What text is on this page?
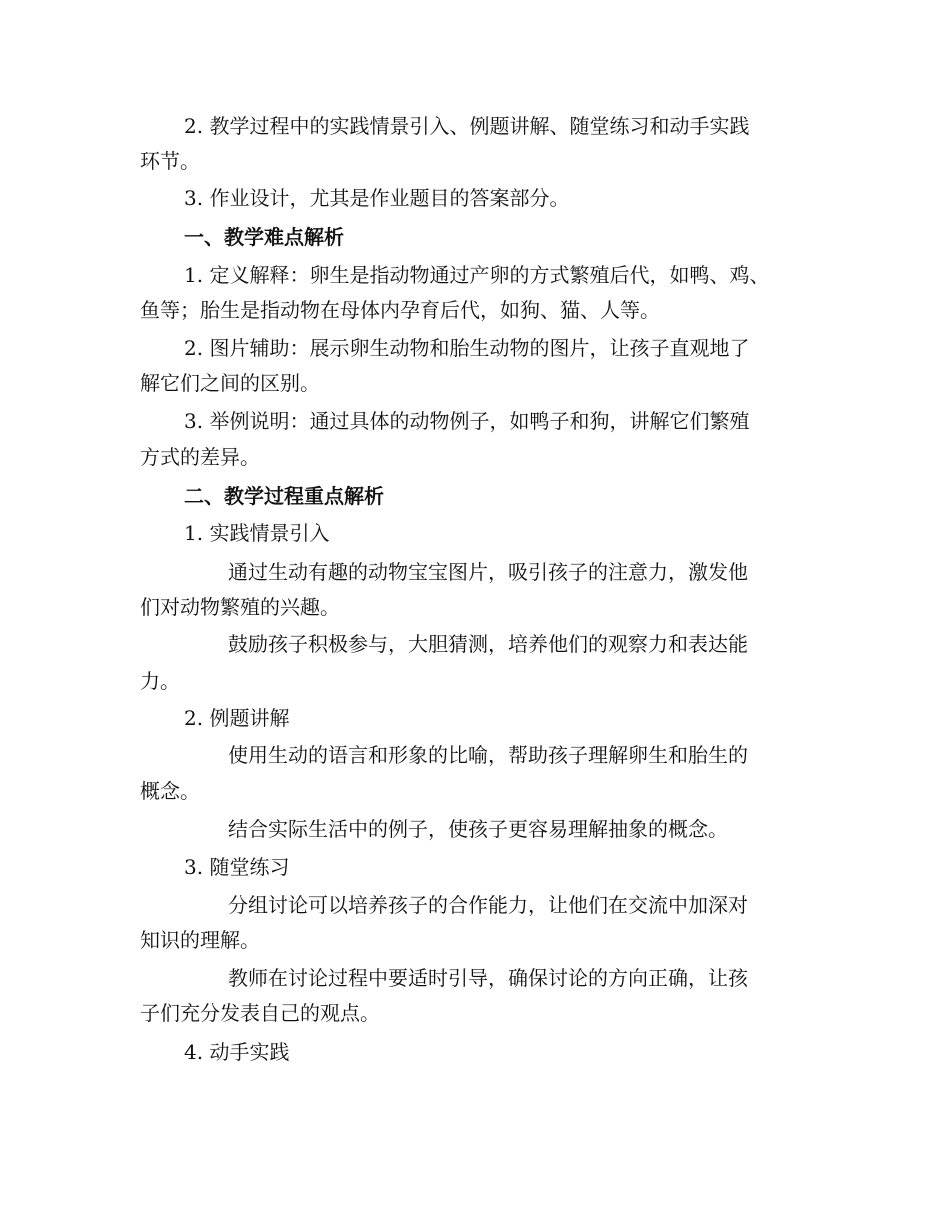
2. 教学过程中的实践情景引入、例题讲解、随堂练习和动手实践
环节。
3. 作业设计，尤其是作业题目的答案部分。
一、教学难点解析
1. 定义解释：卵生是指动物通过产卵的方式繁殖后代，如鸭、鸡、
鱼等；胎生是指动物在母体内孕育后代，如狗、猫、人等。
2. 图片辅助：展示卵生动物和胎生动物的图片，让孩子直观地了
解它们之间的区别。
3. 举例说明：通过具体的动物例子，如鸭子和狗，讲解它们繁殖
方式的差异。
二、教学过程重点解析
1. 实践情景引入
通过生动有趣的动物宝宝图片，吸引孩子的注意力，激发他
们对动物繁殖的兴趣。
鼓励孩子积极参与，大胆猜测，培养他们的观察力和表达能
力。
2. 例题讲解
使用生动的语言和形象的比喻，帮助孩子理解卵生和胎生的
概念。
结合实际生活中的例子，使孩子更容易理解抽象的概念。
3. 随堂练习
分组讨论可以培养孩子的合作能力，让他们在交流中加深对
知识的理解。
教师在讨论过程中要适时引导，确保讨论的方向正确，让孩
子们充分发表自己的观点。
4. 动手实践
